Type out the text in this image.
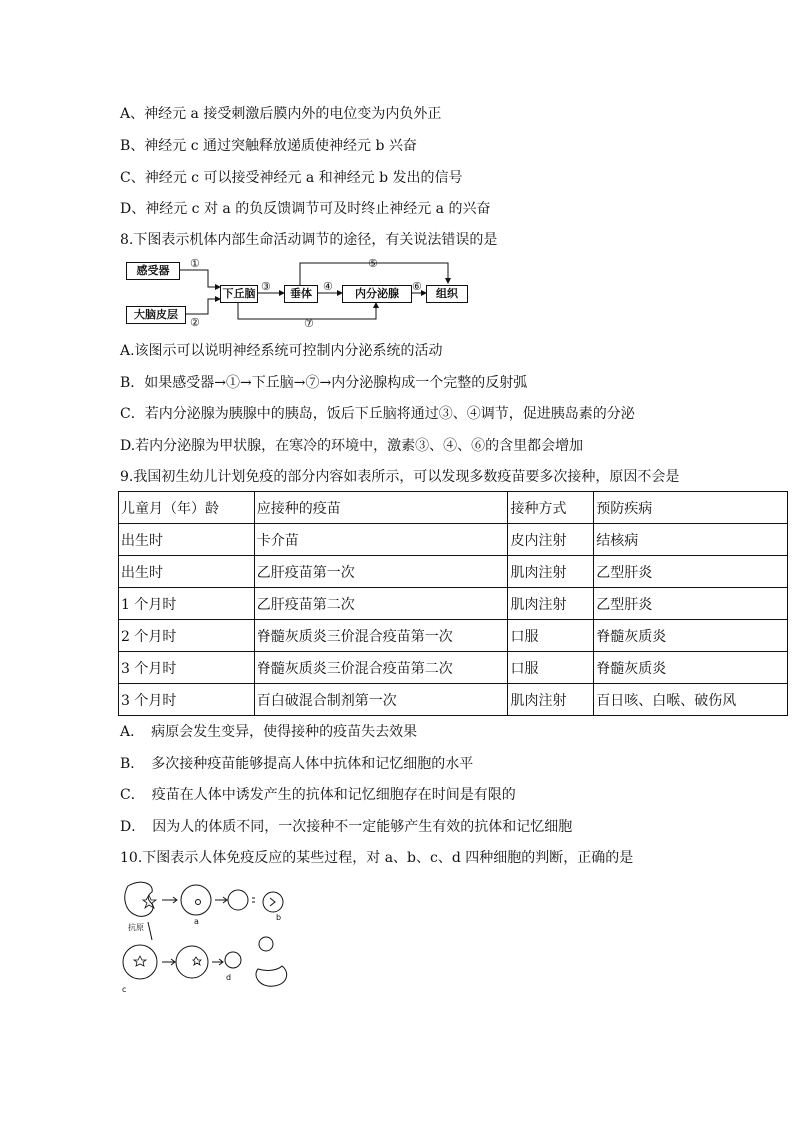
A、神经元 a 接受刺激后膜内外的电位变为内负外正
B、神经元 c 通过突触释放递质使神经元 b 兴奋
C、神经元 c 可以接受神经元 a 和神经元 b 发出的信号
D、神经元 c 对 a 的负反馈调节可及时终止神经元 a 的兴奋
8.下图表示机体内部生命活动调节的途径，有关说法错误的是
感受器
大脑皮层
下丘脑	垂体	内分泌腺	组织
①
②
③	④
⑤
⑥
⑦
A.该图示可以说明神经系统可控制内分泌系统的活动
B．如果感受器→①→下丘脑→⑦→内分泌腺构成一个完整的反射弧
C．若内分泌腺为胰腺中的胰岛，饭后下丘脑将通过③、④调节，促进胰岛素的分泌
D.若内分泌腺为甲状腺，在寒冷的环境中，激素③、④、⑥的含里都会增加
9.我国初生幼儿计划免疫的部分内容如表所示，可以发现多数疫苗要多次接种，原因不会是
儿童月（年）龄	应接种的疫苗	接种方式	预防疾病
出生时	卡介苗	皮内注射	结核病
出生时	乙肝疫苗第一次	肌肉注射	乙型肝炎
1 个月时	乙肝疫苗第二次	肌肉注射	乙型肝炎
2 个月时	脊髓灰质炎三价混合疫苗第一次	口服	脊髓灰质炎
3 个月时	脊髓灰质炎三价混合疫苗第二次	口服	脊髓灰质炎
3 个月时	百白破混合制剂第一次	肌肉注射	百日咳、白喉、破伤风
A．　病原会发生变异，使得接种的疫苗失去效果
B．　多次接种疫苗能够提高人体中抗体和记忆细胞的水平
C．　疫苗在人体中诱发产生的抗体和记忆细胞存在时间是有限的
D．　因为人的体质不同，一次接种不一定能够产生有效的抗体和记忆细胞
10.下图表示人体免疫反应的某些过程，对 a、b、c、d 四种细胞的判断，正确的是
抗原
a	b
c
d
